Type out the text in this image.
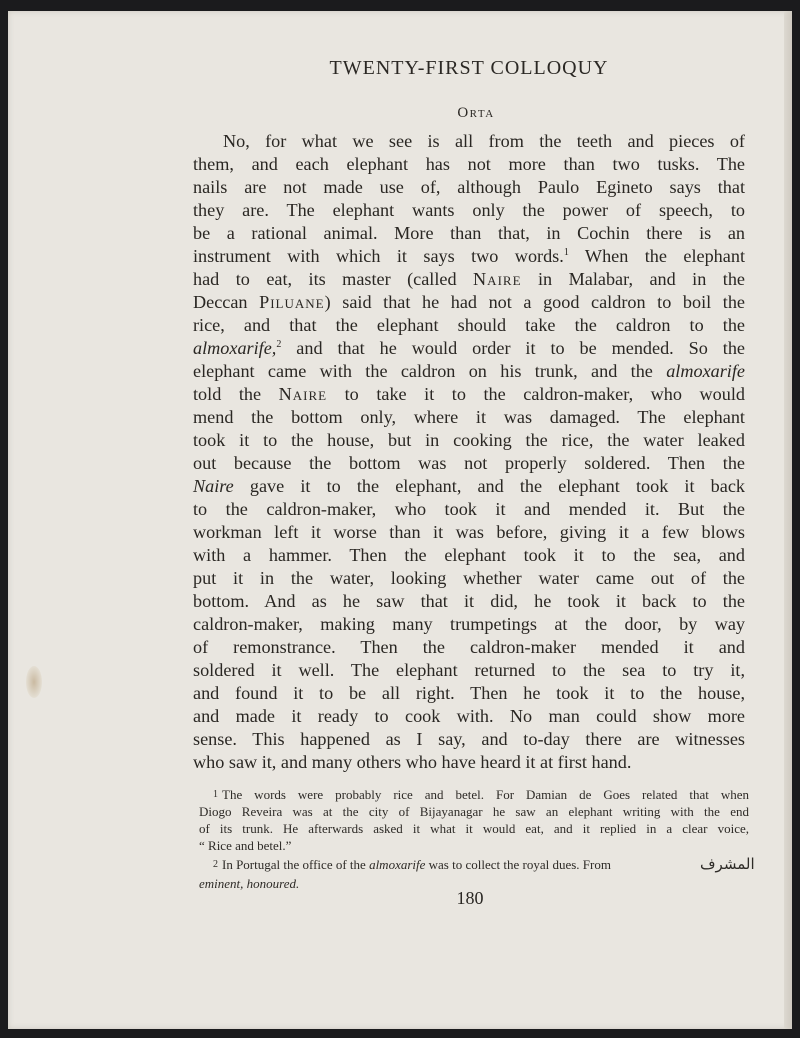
TWENTY-FIRST COLLOQUY
Orta
No, for what we see is all from the teeth and pieces of
them, and each elephant has not more than two tusks. The
nails are not made use of, although Paulo Egineto says that
they are. The elephant wants only the power of speech, to
be a rational animal. More than that, in Cochin there is an
instrument with which it says two words.$^1$ When the elephant
had to eat, its master (called Naire in Malabar, and in the
Deccan Piluane) said that he had not a good caldron to boil the
rice, and that the elephant should take the caldron to the
almoxarife,$^2$ and that he would order it to be mended. So the
elephant came with the caldron on his trunk, and the almoxarife
told the Naire to take it to the caldron-maker, who would
mend the bottom only, where it was damaged. The elephant
took it to the house, but in cooking the rice, the water leaked
out because the bottom was not properly soldered. Then the
Naire gave it to the elephant, and the elephant took it back
to the caldron-maker, who took it and mended it. But the
workman left it worse than it was before, giving it a few blows
with a hammer. Then the elephant took it to the sea, and
put it in the water, looking whether water came out of the
bottom. And as he saw that it did, he took it back to the
caldron-maker, making many trumpetings at the door, by way
of remonstrance. Then the caldron-maker mended it and
soldered it well. The elephant returned to the sea to try it,
and found it to be all right. Then he took it to the house,
and made it ready to cook with. No man could show more
sense. This happened as I say, and to-day there are witnesses
who saw it, and many others who have heard it at first hand.
1 The words were probably rice and betel. For Damian de Goes related that when
Diogo Reveira was at the city of Bijayanagar he saw an elephant writing with the end
of its trunk. He afterwards asked it what it would eat, and it replied in a clear voice,
“ Rice and betel.”
2 In Portugal the office of the almoxarife was to collect the royal dues. From
eminent, honoured.
المشرف
180
